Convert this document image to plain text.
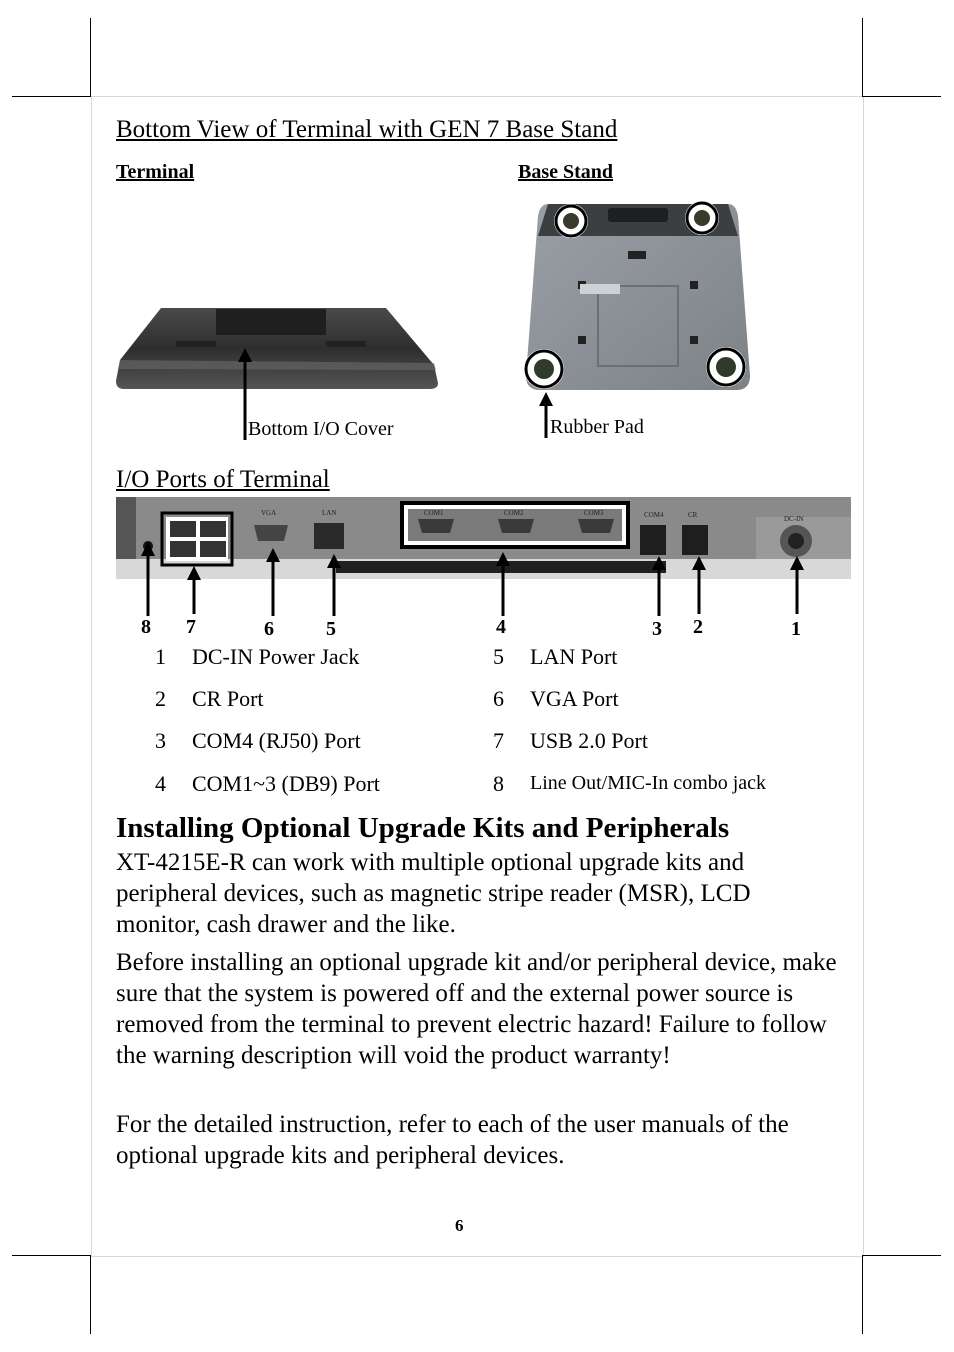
Bottom View of Terminal with GEN 7 Base Stand
Terminal	Base Stand
Bottom I/O Cover	Rubber Pad
I/O Ports of Terminal
VGA	LAN	COM1	COM2	COM3	COM4	CR	DC-IN
8 7	6	5	4	3 2	1
1 DC-IN Power Jack
2 CR Port
3 COM4 (RJ50) Port
4 COM1~3 (DB9) Port
5 LAN Port
6 VGA Port
7 USB 2.0 Port
8 Line Out/MIC-In combo jack
Installing Optional Upgrade Kits and Peripherals
XT-4215E-R can work with multiple optional upgrade kits and peripheral devices, such as magnetic stripe reader (MSR), LCD monitor, cash drawer and the like.
Before installing an optional upgrade kit and/or peripheral device, make sure that the system is powered off and the external power source is removed from the terminal to prevent electric hazard! Failure to follow the warning description will void the product warranty!
For the detailed instruction, refer to each of the user manuals of the optional upgrade kits and peripheral devices.
6
